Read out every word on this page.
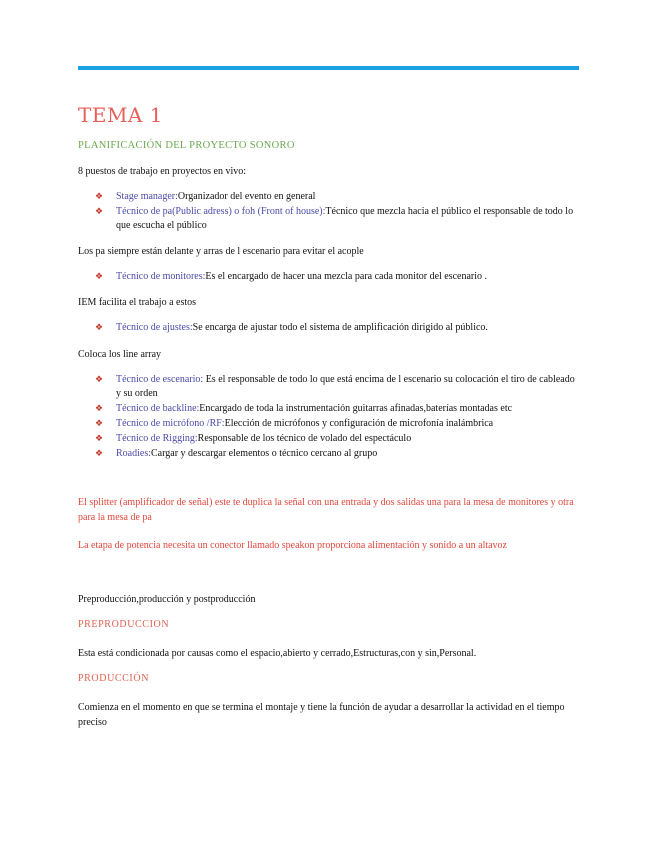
TEMA 1
PLANIFICACIÓN DEL PROYECTO SONORO
8 puestos de trabajo en proyectos en vivo:
❖ Stage manager:Organizador del evento en general
❖ Técnico de pa(Public adress) o foh (Front of house):Técnico que mezcla hacia el público el responsable de todo lo que escucha el público
Los pa siempre están delante y arras de l escenario para evitar el acople
❖ Técnico de monitores:Es el encargado de hacer una mezcla para cada monitor del escenario .
IEM facilita el trabajo a estos
❖ Técnico de ajustes:Se encarga de ajustar todo el sistema de amplificación dirigido al público.
Coloca los line array
❖ Técnico de escenario: Es el responsable de todo lo que está encima de l escenario su colocación el tiro de cableado y su orden
❖ Técnico de backline:Encargado de toda la instrumentación guitarras afinadas,baterías montadas etc
❖ Técnico de micrófono /RF:Elección de micrófonos y configuración de microfonía inalámbrica
❖ Técnico de Rigging:Responsable de los técnico de volado del espectáculo
❖ Roadies:Cargar y descargar elementos o técnico cercano al grupo
El splitter (amplificador de señal) este te duplica la señal con una entrada y dos salidas una para la mesa de monitores y otra para la mesa de pa
La etapa de potencia necesita un conector llamado speakon proporciona alimentación y sonido a un altavoz
Preproducción,producción y postproducción
PREPRODUCCION
Esta está condicionada por causas como el espacio,abierto y cerrado,Estructuras,con y sin,Personal.
PRODUCCIÓN
Comienza en el momento en que se termina el montaje y tiene la función de ayudar a desarrollar la actividad en el tiempo preciso
